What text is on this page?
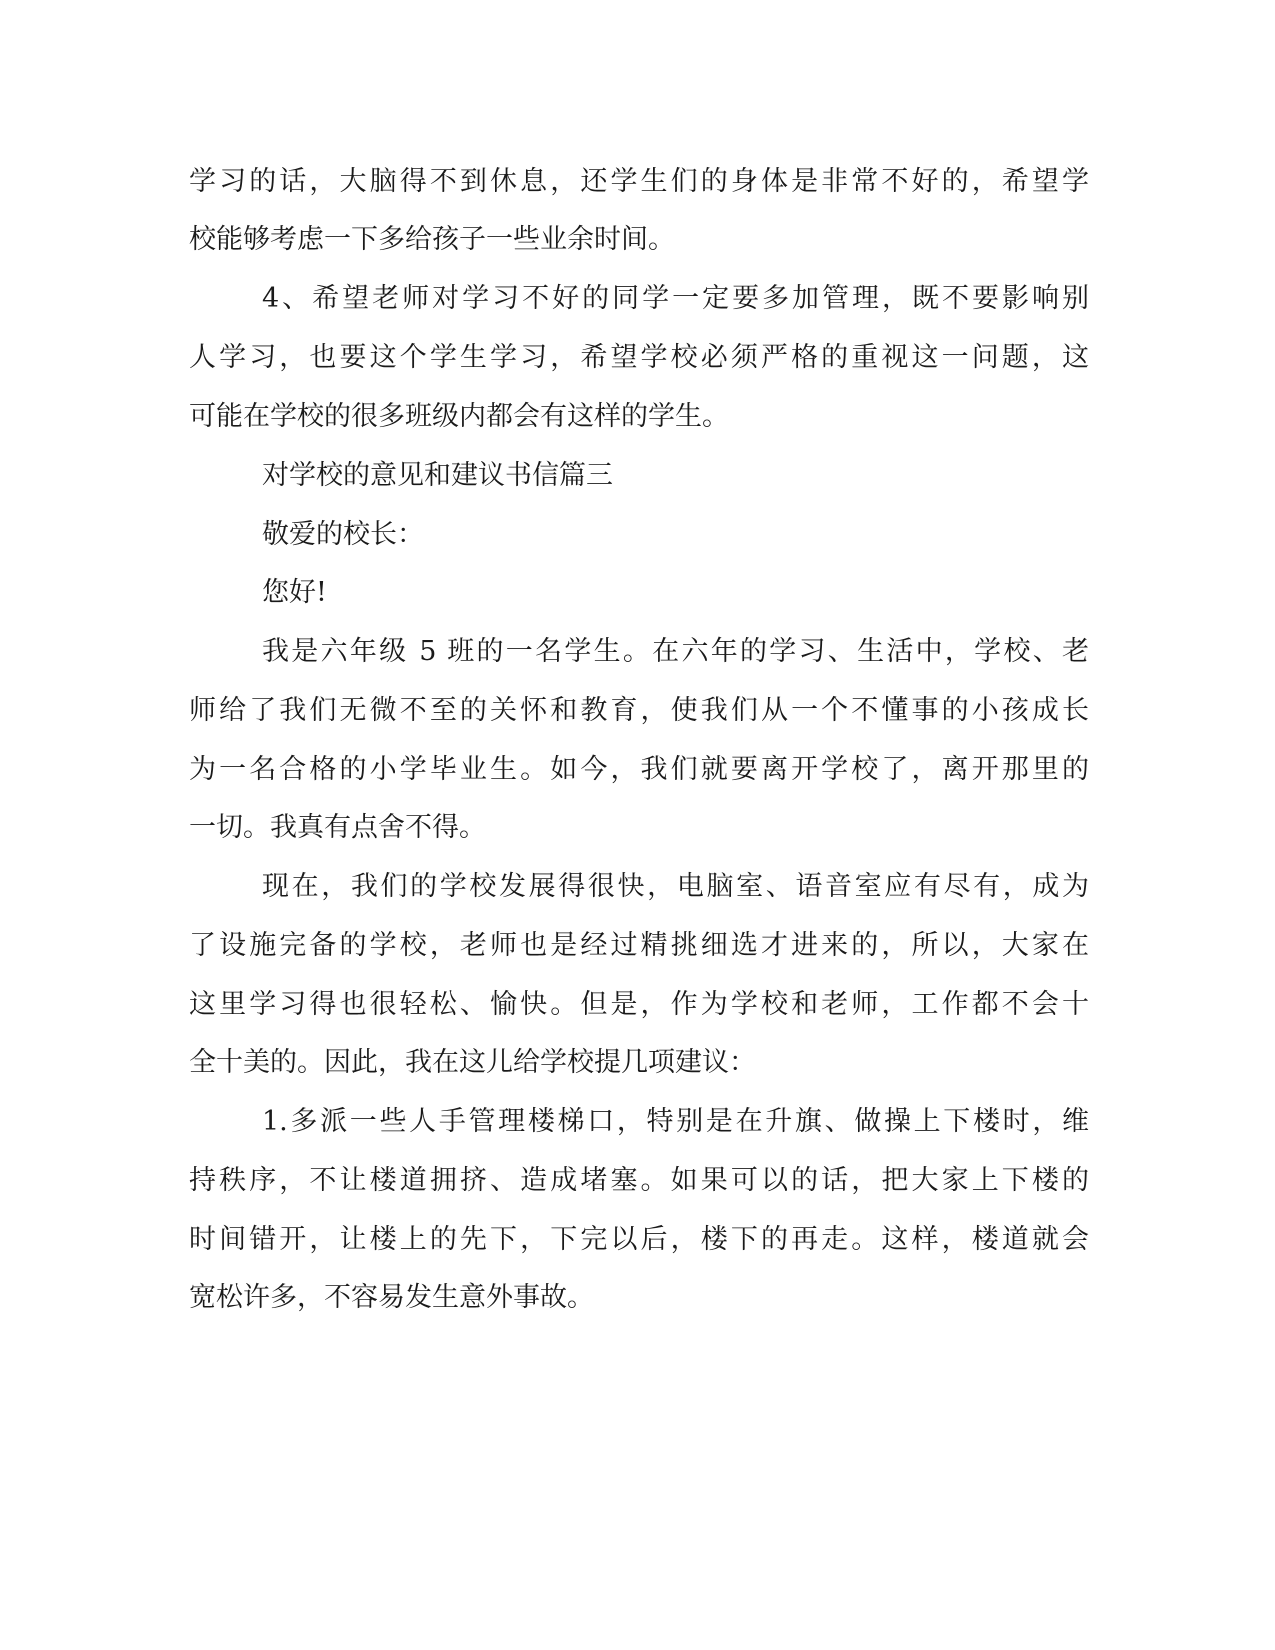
学习的话，大脑得不到休息，还学生们的身体是非常不好的，希望学
校能够考虑一下多给孩子一些业余时间。
4、希望老师对学习不好的同学一定要多加管理，既不要影响别
人学习，也要这个学生学习，希望学校必须严格的重视这一问题，这
可能在学校的很多班级内都会有这样的学生。
对学校的意见和建议书信篇三
敬爱的校长：
您好!
我是六年级 5 班的一名学生。在六年的学习、生活中，学校、老
师给了我们无微不至的关怀和教育，使我们从一个不懂事的小孩成长
为一名合格的小学毕业生。如今，我们就要离开学校了，离开那里的
一切。我真有点舍不得。
现在，我们的学校发展得很快，电脑室、语音室应有尽有，成为
了设施完备的学校，老师也是经过精挑细选才进来的，所以，大家在
这里学习得也很轻松、愉快。但是，作为学校和老师，工作都不会十
全十美的。因此，我在这儿给学校提几项建议：
1.多派一些人手管理楼梯口，特别是在升旗、做操上下楼时，维
持秩序，不让楼道拥挤、造成堵塞。如果可以的话，把大家上下楼的
时间错开，让楼上的先下，下完以后，楼下的再走。这样，楼道就会
宽松许多，不容易发生意外事故。
